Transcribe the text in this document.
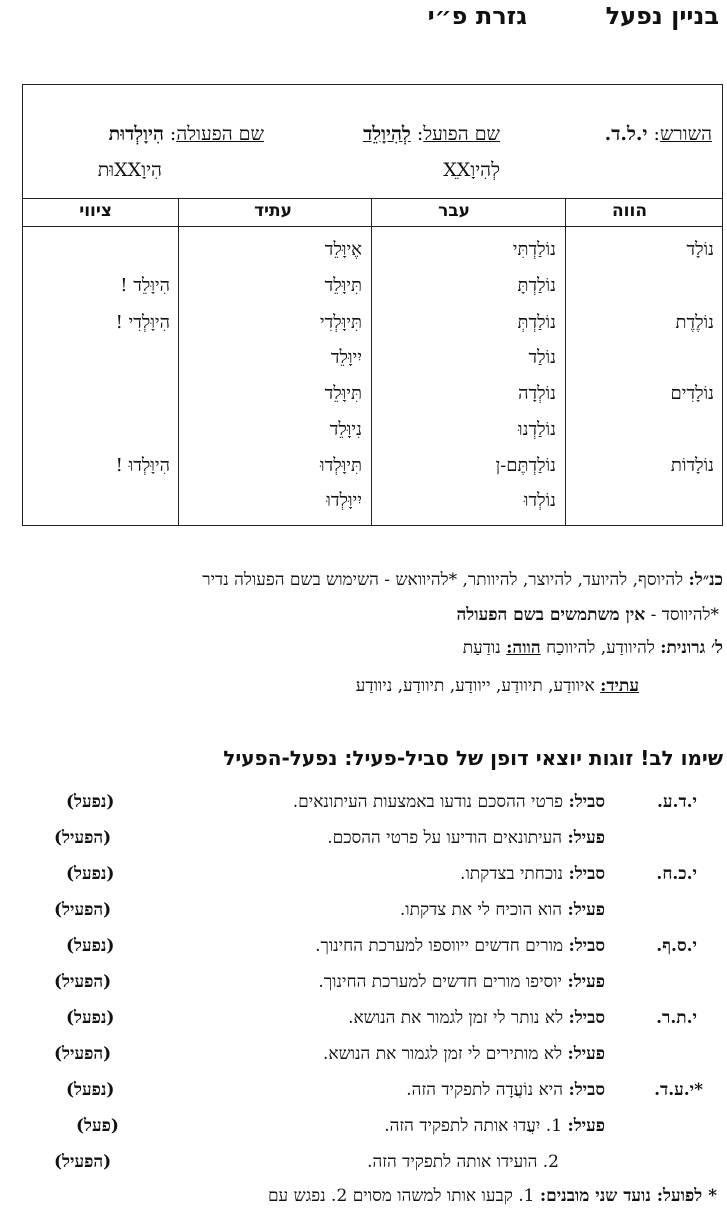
בניין נפעל
גזרת פ״י
השורש: י.ל.ד.
שם הפועל: לְהִיוָלֵד
שם הפעולה: הִיוָלְדוּת
לְהִיוָXֵX
הִיוָXXוּת
הווה
עבר
עתיד
ציווי
נוֹלָד
נוֹלֶדֶת
נוֹלָדִים
נוֹלָדוֹת
נוֹלַדְתִּי
נוֹלַדְתָּ
נוֹלַדְתְּ
נוֹלַד
נוֹלְדָה
נוֹלַדְנוּ
נוֹלַדְתֶּם-ן
נוֹלְדוּ
אֶיוָּלֵד
תִּיוָּלֵד
תִּיוָּלְדִי
יִיוָּלֵד
תִּיוָּלֵד
נִיוָּלֵד
תִּיוָּלְדוּ
יִיוָּלְדוּ
הִיוָּלֵד !
הִיוָּלְדִי !
הִיוָּלְדוּ !
כנ״ל: להיוסף, להיועד, להיוצר, להיוותר, *להיוואש - השימוש בשם הפעולה נדיר
*להיווסד - אין משתמשים בשם הפעולה
ל׳ גרונית: להיוודַע, להיווכַח הווה: נודַעַת
עתיד: איוודַע, תיוודַע, ייוודַע, תיוודַע, ניוודַע
שימו לב! זוגות יוצאי דופן של סביל-פעיל: נפעל-הפעיל
י.ד.ע.
סביל: פרטי ההסכם נודעו באמצעות העיתונאים.
(נפעל)
פעיל: העיתונאים הודיעו על פרטי ההסכם.
(הפעיל)
י.כ.ח.
סביל: נוכחתי בצדקתו.
(נפעל)
פעיל: הוא הוכיח לי את צדקתו.
(הפעיל)
י.ס.ף.
סביל: מורים חדשים ייווספו למערכת החינוך.
(נפעל)
פעיל: יוסיפו מורים חדשים למערכת החינוך.
(הפעיל)
י.ת.ר.
סביל: לא נותר לי זמן לגמור את הנושא.
(נפעל)
פעיל: לא מותירים לי זמן לגמור את הנושא.
(הפעיל)
*י.ע.ד.
סביל: היא נוֹעֲדָה לתפקיד הזה.
(נפעל)
פעיל: 1. יִעֲדוּ אותה לתפקיד הזה.
(פעל)
2. הועידו אותה לתפקיד הזה.
(הפעיל)
* לפועל: נועד שני מובנים: 1. קבעו אותו למשהו מסוים 2. נפגש עם
